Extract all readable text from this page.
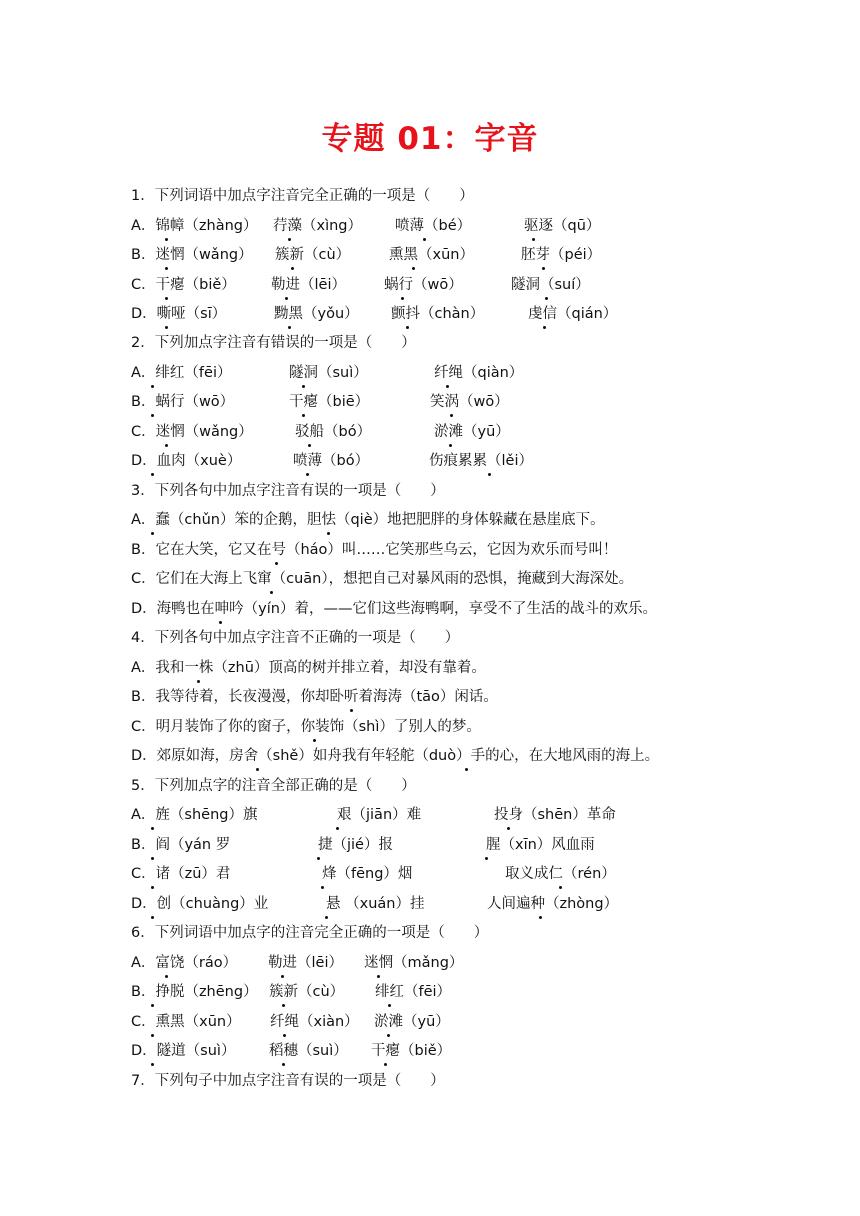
专题 01：字音
1．下列词语中加点字注音完全正确的一项是（　　）
A．锦幛（zhàng） 荇藻（xìng） 喷薄（bé）	驱逐（qū）
B．迷惘（wǎng） 簇新（cù）	熏黑（xūn）	胚芽（péi）
C．干瘪（biě） 勒进（lēi）	蜗行（wō）	隧洞（suí）
D．嘶哑（sī）	黝黑（yǒu） 颤抖（chàn）	虔信（qián）
2．下列加点字注音有错误的一项是（　　）
A．绯红（fēi）	隧洞（suì）	纤绳（qiàn）
B．蜗行（wō）	干瘪（biē）	笑涡（wō）
C．迷惘（wǎng）	驳船（bó）	淤滩（yū）
D．血肉（xuè）	喷薄（bó）	伤痕累累（lěi）
3．下列各句中加点字注音有误的一项是（　　）
A．蠢（chǔn）笨的企鹅，胆怯（qiè）地把肥胖的身体躲藏在悬崖底下。
B．它在大笑，它又在号（háo）叫……它笑那些乌云，它因为欢乐而号叫！
C．它们在大海上飞窜（cuān），想把自己对暴风雨的恐惧，掩藏到大海深处。
D．海鸭也在呻吟（yín）着，——它们这些海鸭啊，享受不了生活的战斗的欢乐。
4．下列各句中加点字注音不正确的一项是（　　）
A．我和一株（zhū）顶高的树并排立着，却没有靠着。
B．我等待着，长夜漫漫，你却卧听着海涛（tāo）闲话。
C．明月装饰了你的窗子，你装饰（shì）了别人的梦。
D．郊原如海，房舍（shě）如舟我有年轻舵（duò）手的心，在大地风雨的海上。
5．下列加点字的注音全部正确的是（　　）
A．旌（shēng）旗	艰（jiān）难	投身（shēn）革命
B．阎（yán 罗	捷（jié）报	腥（xīn）风血雨
C．诸（zū）君	烽（fēng）烟	取义成仁（rén）
D．创（chuàng）业	悬 （xuán）挂	人间遍种（zhòng）
6．下列词语中加点字的注音完全正确的一项是（　　）
A．富饶（ráo） 勒进（lēi） 迷惘（mǎng）
B．挣脱（zhēng） 簇新（cù） 绯红（fēi）
C．熏黑（xūn） 纤绳（xiàn） 淤滩（yū）
D．隧道（suì） 稻穗（suì） 干瘪（biě）
7．下列句子中加点字注音有误的一项是（　　）
